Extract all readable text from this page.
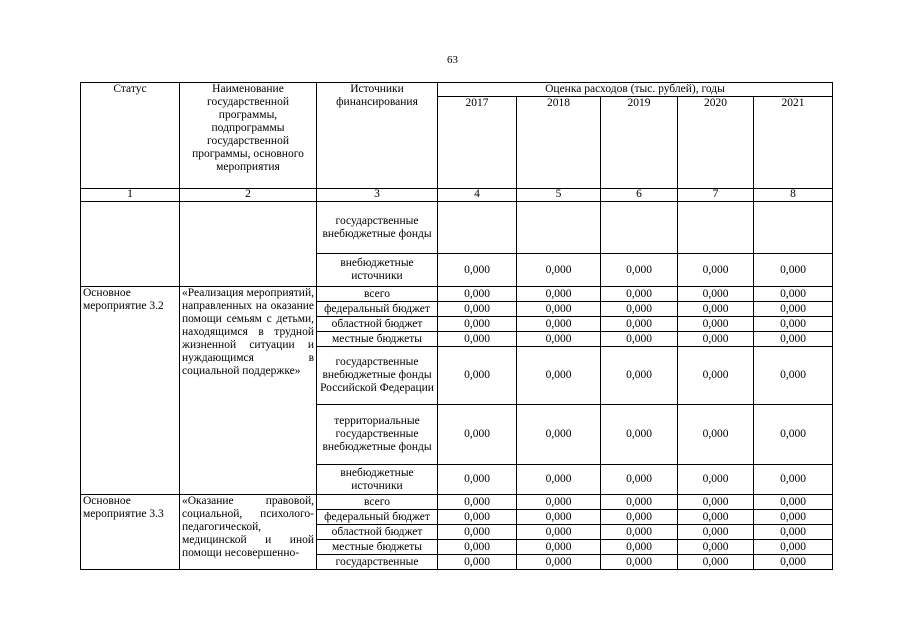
63
Статус	Наименование государственной программы, подпрограммы государственной программы, основного мероприятия	Источники финансирования	Оценка расходов (тыс. рублей), годы				
			2017	2018	2019	2020	2021
1	2	3	4	5	6	7	8
		государственные внебюджетные фонды					
		внебюджетные источники	0,000	0,000	0,000	0,000	0,000
Основное мероприятие 3.2	«Реализация мероприятий, направленных на оказание помощи семьям с детьми, находящимся в трудной жизненной ситуации и нуждающимся в социальной поддержке»	всего	0,000	0,000	0,000	0,000	0,000
		федеральный бюджет	0,000	0,000	0,000	0,000	0,000
		областной бюджет	0,000	0,000	0,000	0,000	0,000
		местные бюджеты	0,000	0,000	0,000	0,000	0,000
		государственные внебюджетные фонды Российской Федерации	0,000	0,000	0,000	0,000	0,000
		территориальные государственные внебюджетные фонды	0,000	0,000	0,000	0,000	0,000
		внебюджетные источники	0,000	0,000	0,000	0,000	0,000
Основное мероприятие 3.3	«Оказание правовой, социальной, психолого-педагогической, медицинской и иной помощи несовершенно-	всего	0,000	0,000	0,000	0,000	0,000
		федеральный бюджет	0,000	0,000	0,000	0,000	0,000
		областной бюджет	0,000	0,000	0,000	0,000	0,000
		местные бюджеты	0,000	0,000	0,000	0,000	0,000
		государственные	0,000	0,000	0,000	0,000	0,000
